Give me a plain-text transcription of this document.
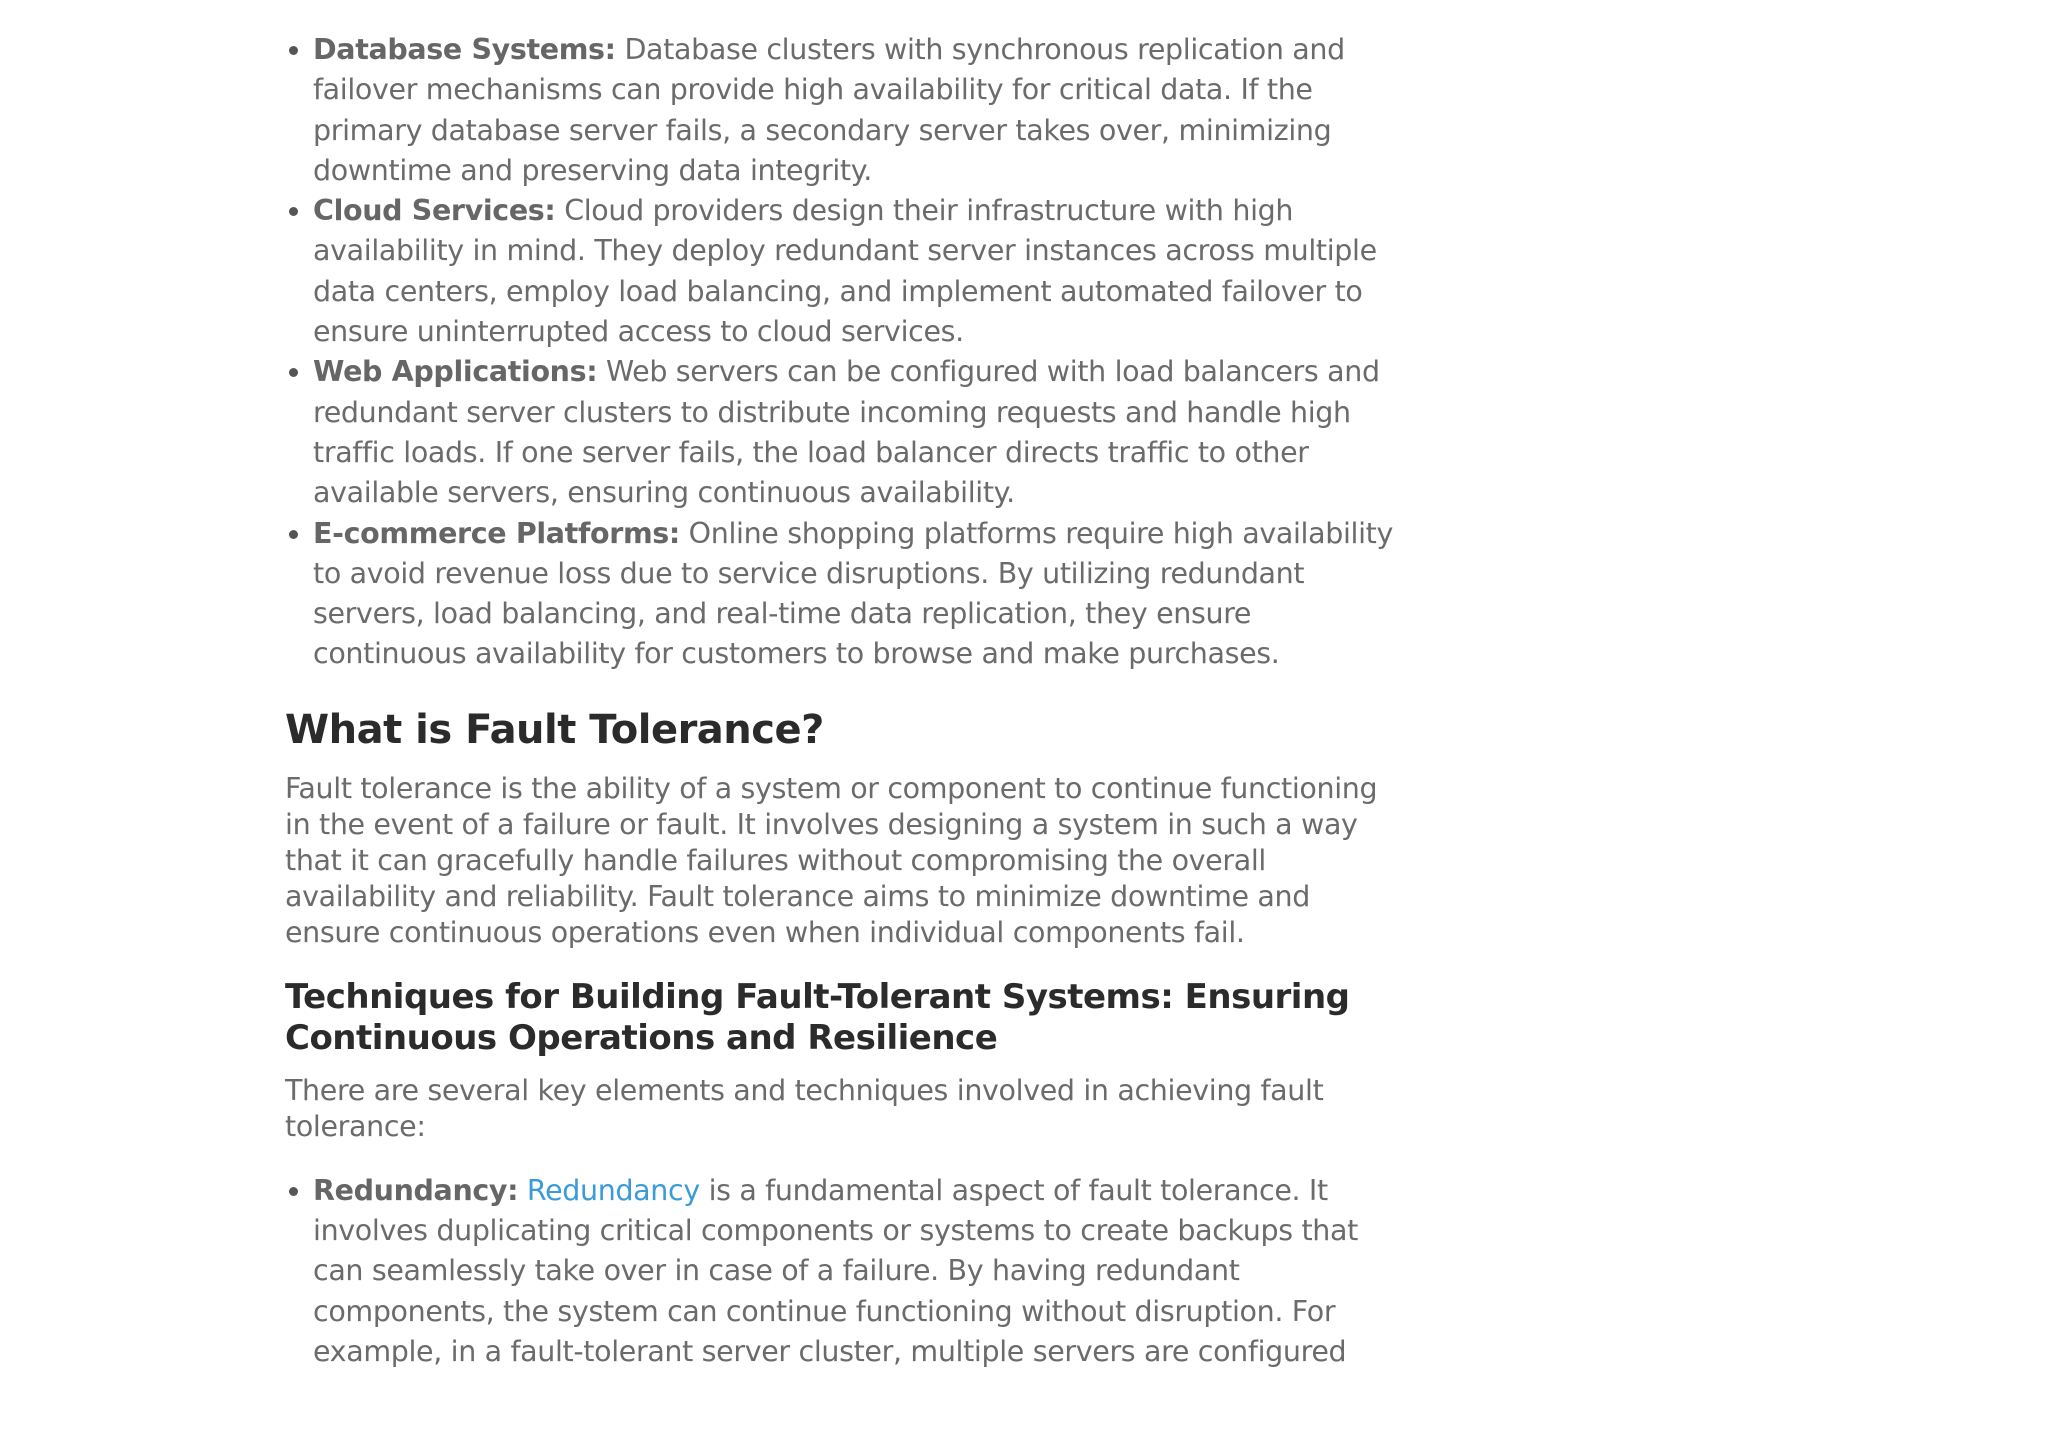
Database Systems: Database clusters with synchronous replication and failover mechanisms can provide high availability for critical data. If the primary database server fails, a secondary server takes over, minimizing downtime and preserving data integrity.
Cloud Services: Cloud providers design their infrastructure with high availability in mind. They deploy redundant server instances across multiple data centers, employ load balancing, and implement automated failover to ensure uninterrupted access to cloud services.
Web Applications: Web servers can be configured with load balancers and redundant server clusters to distribute incoming requests and handle high traffic loads. If one server fails, the load balancer directs traffic to other available servers, ensuring continuous availability.
E-commerce Platforms: Online shopping platforms require high availability to avoid revenue loss due to service disruptions. By utilizing redundant servers, load balancing, and real-time data replication, they ensure continuous availability for customers to browse and make purchases.
What is Fault Tolerance?

Fault tolerance is the ability of a system or component to continue functioning in the event of a failure or fault. It involves designing a system in such a way that it can gracefully handle failures without compromising the overall availability and reliability. Fault tolerance aims to minimize downtime and ensure continuous operations even when individual components fail.

Techniques for Building Fault-Tolerant Systems: Ensuring Continuous Operations and Resilience

There are several key elements and techniques involved in achieving fault tolerance:

Redundancy: Redundancy is a fundamental aspect of fault tolerance. It involves duplicating critical components or systems to create backups that can seamlessly take over in case of a failure. By having redundant components, the system can continue functioning without disruption. For example, in a fault-tolerant server cluster, multiple servers are configured
